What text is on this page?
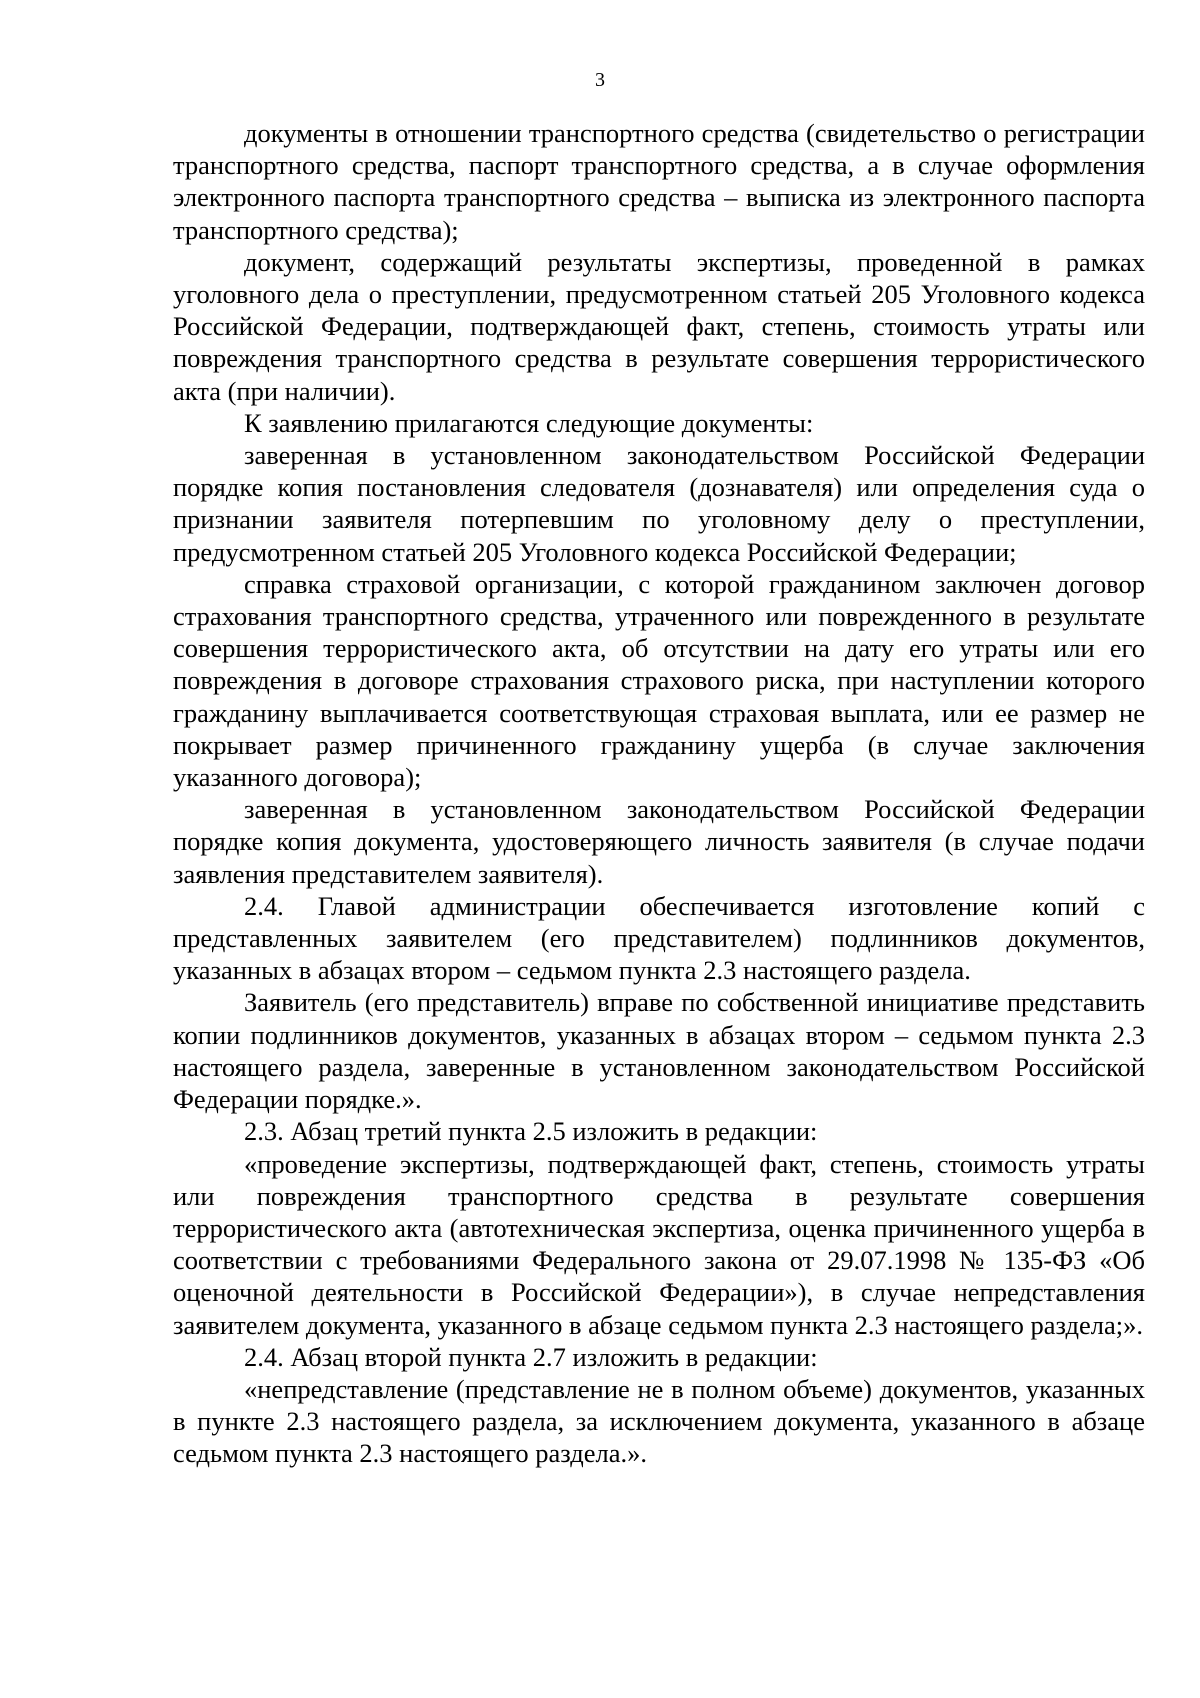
3

документы в отношении транспортного средства (свидетельство о регистрации транспортного средства, паспорт транспортного средства, а в случае оформления электронного паспорта транспортного средства – выписка из электронного паспорта транспортного средства);

документ, содержащий результаты экспертизы, проведенной в рамках уголовного дела о преступлении, предусмотренном статьей 205 Уголовного кодекса Российской Федерации, подтверждающей факт, степень, стоимость утраты или повреждения транспортного средства в результате совершения террористического акта (при наличии).

К заявлению прилагаются следующие документы:

заверенная в установленном законодательством Российской Федерации порядке копия постановления следователя (дознавателя) или определения суда о признании заявителя потерпевшим по уголовному делу о преступлении, предусмотренном статьей 205 Уголовного кодекса Российской Федерации;

справка страховой организации, с которой гражданином заключен договор страхования транспортного средства, утраченного или поврежденного в результате совершения террористического акта, об отсутствии на дату его утраты или его повреждения в договоре страхования страхового риска, при наступлении которого гражданину выплачивается соответствующая страховая выплата, или ее размер не покрывает размер причиненного гражданину ущерба (в случае заключения указанного договора);

заверенная в установленном законодательством Российской Федерации порядке копия документа, удостоверяющего личность заявителя (в случае подачи заявления представителем заявителя).

2.4. Главой администрации обеспечивается изготовление копий с представленных заявителем (его представителем) подлинников документов, указанных в абзацах втором – седьмом пункта 2.3 настоящего раздела.

Заявитель (его представитель) вправе по собственной инициативе представить копии подлинников документов, указанных в абзацах втором – седьмом пункта 2.3 настоящего раздела, заверенные в установленном законодательством Российской Федерации порядке.».

2.3. Абзац третий пункта 2.5 изложить в редакции:

«проведение экспертизы, подтверждающей факт, степень, стоимость утраты или повреждения транспортного средства в результате совершения террористического акта (автотехническая экспертиза, оценка причиненного ущерба в соответствии с требованиями Федерального закона от 29.07.1998 № 135-ФЗ «Об оценочной деятельности в Российской Федерации»), в случае непредставления заявителем документа, указанного в абзаце седьмом пункта 2.3 настоящего раздела;».

2.4. Абзац второй пункта 2.7 изложить в редакции:

«непредставление (представление не в полном объеме) документов, указанных в пункте 2.3 настоящего раздела, за исключением документа, указанного в абзаце седьмом пункта 2.3 настоящего раздела.».
